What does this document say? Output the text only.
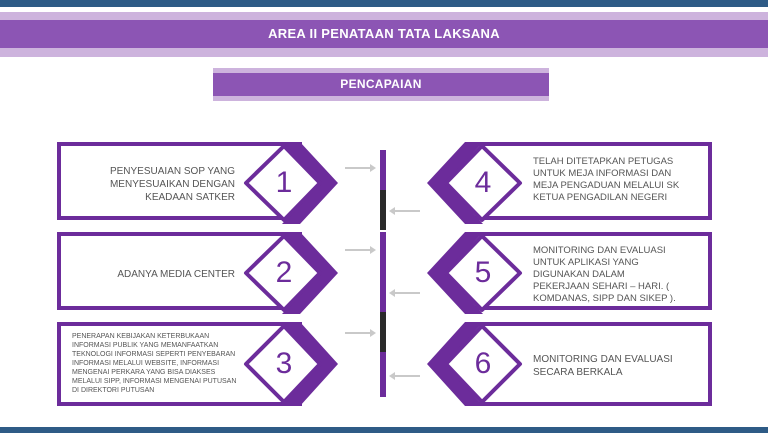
AREA II PENATAAN TATA LAKSANA
PENCAPAIAN
1
2
3
4
5
6
PENYESUAIAN SOP YANG MENYESUAIKAN DENGAN KEADAAN SATKER
ADANYA MEDIA CENTER
PENERAPAN KEBIJAKAN KETERBUKAAN INFORMASI PUBLIK YANG MEMANFAATKAN TEKNOLOGI INFORMASI SEPERTI PENYEBARAN INFORMASI MELALUI WEBSITE, INFORMASI MENGENAI PERKARA YANG BISA DIAKSES MELALUI SIPP, INFORMASI MENGENAI PUTUSAN DI DIREKTORI PUTUSAN
TELAH DITETAPKAN PETUGAS UNTUK MEJA INFORMASI DAN MEJA PENGADUAN MELALUI SK KETUA PENGADILAN NEGERI
MONITORING DAN EVALUASI UNTUK APLIKASI YANG DIGUNAKAN DALAM PEKERJAAN SEHARI – HARI. ( KOMDANAS, SIPP DAN SIKEP ).
MONITORING DAN EVALUASI SECARA BERKALA
